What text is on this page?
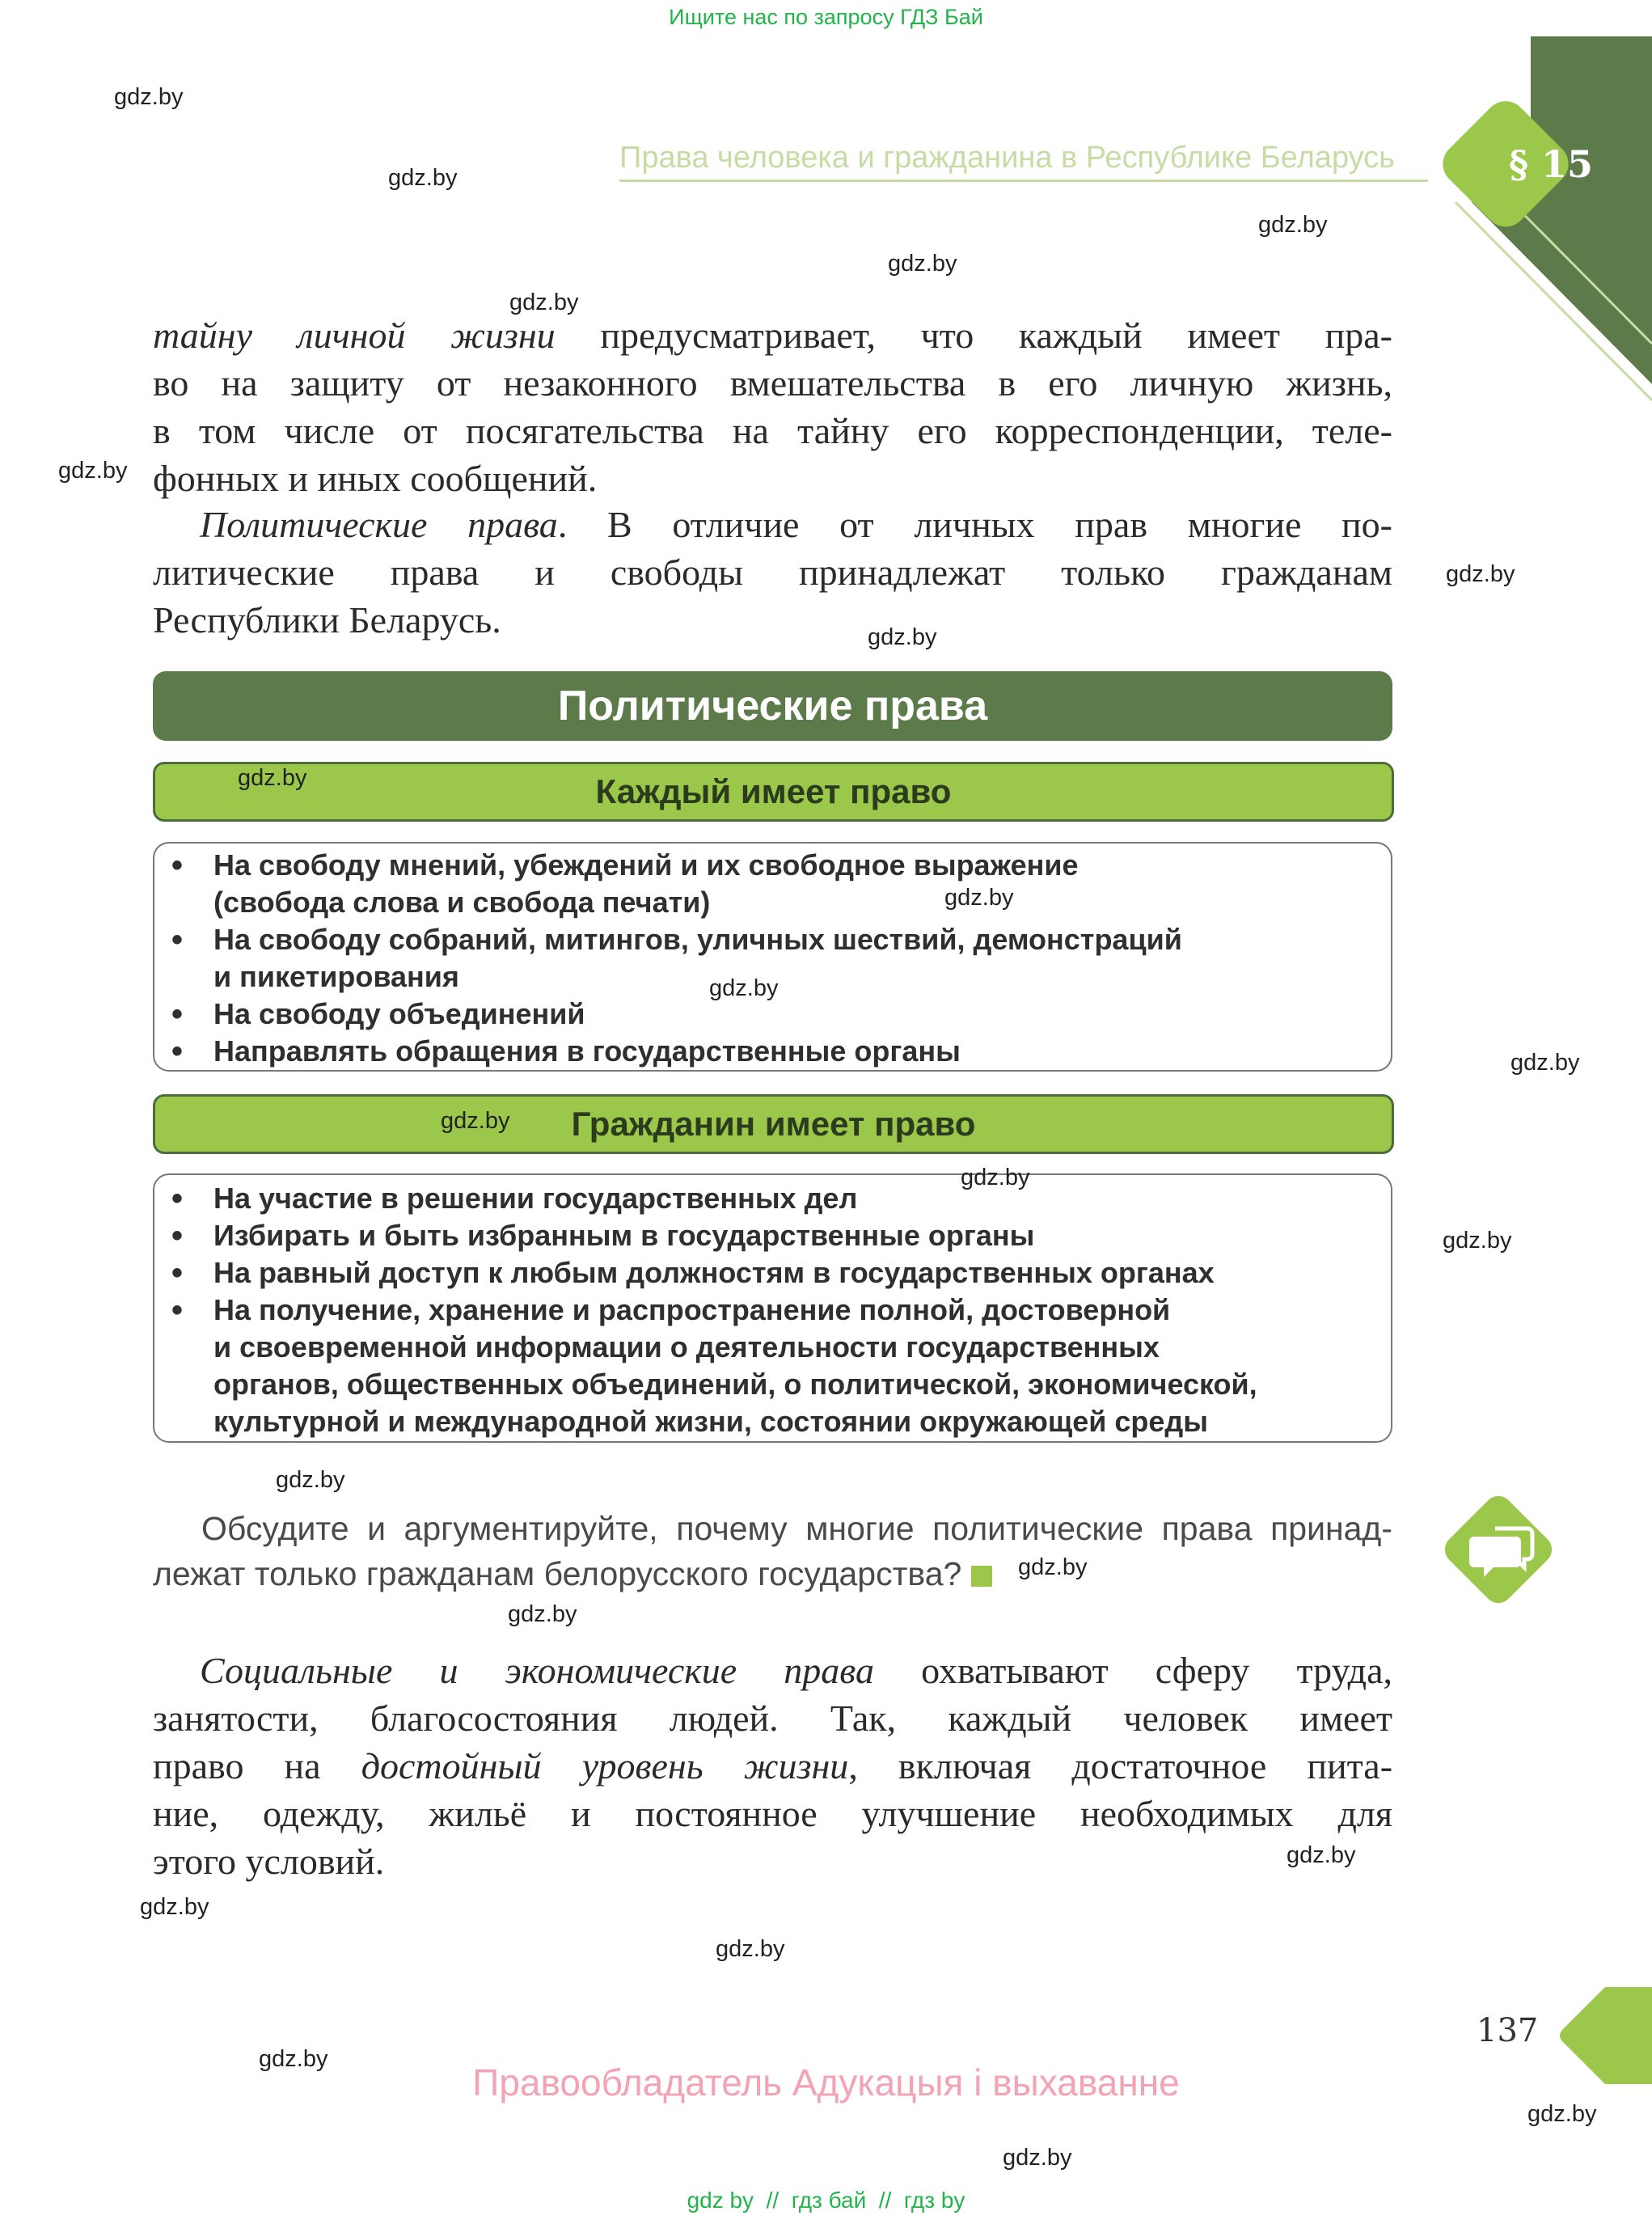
Ищите нас по запросу ГДЗ Бай
Права человека и гражданина в Республике Беларусь	§ 15
тайну личной жизни предусматривает, что каждый имеет пра-
во на защиту от незаконного вмешательства в его личную жизнь,
в том числе от посягательства на тайну его корреспонденции, теле-
фонных и иных сообщений.
Политические права. В отличие от личных прав многие по-
литические права и свободы принадлежат только гражданам
Республики Беларусь.
Политические права
Каждый имеет право
• На свободу мнений, убеждений и их свободное выражение
(свобода слова и свобода печати)
• На свободу собраний, митингов, уличных шествий, демонстраций
и пикетирования
• На свободу объединений
• Направлять обращения в государственные органы
Гражданин имеет право
• На участие в решении государственных дел
• Избирать и быть избранным в государственные органы
• На равный доступ к любым должностям в государственных органах
• На получение, хранение и распространение полной, достоверной
и своевременной информации о деятельности государственных
органов, общественных объединений, о политической, экономической,
культурной и международной жизни, состоянии окружающей среды
Обсудите и аргументируйте, почему многие политические права принад-
лежат только гражданам белорусского государства?
Социальные и экономические права охватывают сферу труда,
занятости, благосостояния людей. Так, каждый человек имеет
право на достойный уровень жизни, включая достаточное пита-
ние, одежду, жильё и постоянное улучшение необходимых для
этого условий.
137
Правообладатель Адукацыя і выхаванне
gdz by  //  гдз бай  //  гдз by
gdz.by
gdz.by
gdz.by
gdz.by
gdz.by
gdz.by
gdz.by
gdz.by
gdz.by
gdz.by
gdz.by
gdz.by
gdz.by
gdz.by
gdz.by
gdz.by
gdz.by
gdz.by
gdz.by
gdz.by
gdz.by
gdz.by
gdz.by
gdz.by
